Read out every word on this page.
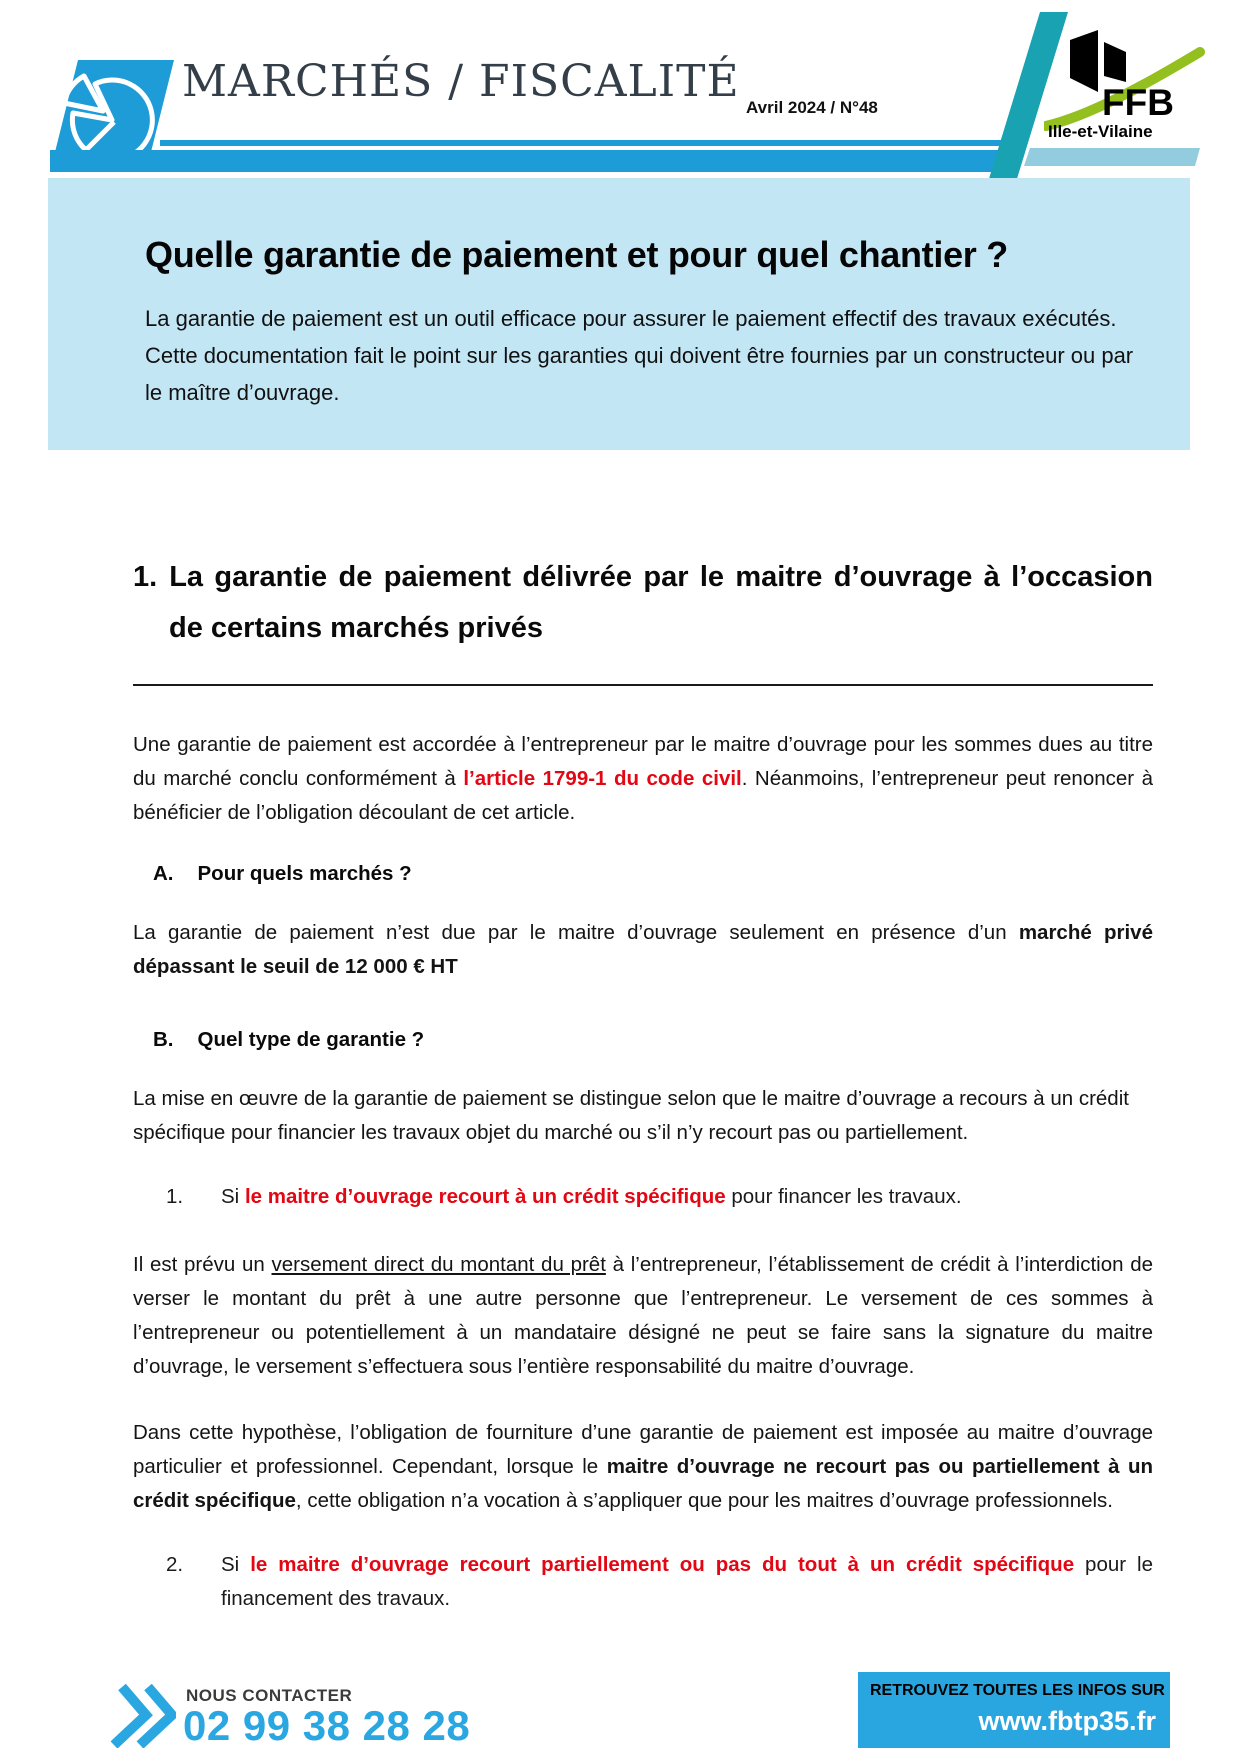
MARCHÉS / FISCALITÉ
Avril 2024 / N°48	FFB
Ille-et-Vilaine
Quelle garantie de paiement et pour quel chantier ?

La garantie de paiement est un outil efficace pour assurer le paiement effectif des travaux exécutés. Cette documentation fait le point sur les garanties qui doivent être fournies par un constructeur ou par le maître d’ouvrage.

1. La garantie de paiement délivrée par le maitre d’ouvrage à l’occasion de certains marchés privés

Une garantie de paiement est accordée à l’entrepreneur par le maitre d’ouvrage pour les sommes dues au titre du marché conclu conformément à l’article 1799-1 du code civil. Néanmoins, l’entrepreneur peut renoncer à bénéficier de l’obligation découlant de cet article.

A. Pour quels marchés ?

La garantie de paiement n’est due par le maitre d’ouvrage seulement en présence d’un marché privé dépassant le seuil de 12 000 € HT

B. Quel type de garantie ?

La mise en œuvre de la garantie de paiement se distingue selon que le maitre d’ouvrage a recours à un crédit spécifique pour financier les travaux objet du marché ou s’il n’y recourt pas ou partiellement.

1. Si le maitre d’ouvrage recourt à un crédit spécifique pour financer les travaux.

Il est prévu un versement direct du montant du prêt à l’entrepreneur, l’établissement de crédit à l’interdiction de verser le montant du prêt à une autre personne que l’entrepreneur. Le versement de ces sommes à l’entrepreneur ou potentiellement à un mandataire désigné ne peut se faire sans la signature du maitre d’ouvrage, le versement s’effectuera sous l’entière responsabilité du maitre d’ouvrage.

Dans cette hypothèse, l’obligation de fourniture d’une garantie de paiement est imposée au maitre d’ouvrage particulier et professionnel. Cependant, lorsque le maitre d’ouvrage ne recourt pas ou partiellement à un crédit spécifique, cette obligation n’a vocation à s’appliquer que pour les maitres d’ouvrage professionnels.

2. Si le maitre d’ouvrage recourt partiellement ou pas du tout à un crédit spécifique pour le financement des travaux.
NOUS CONTACTER
02 99 38 28 28
RETROUVEZ TOUTES LES INFOS SUR
www.fbtp35.fr
